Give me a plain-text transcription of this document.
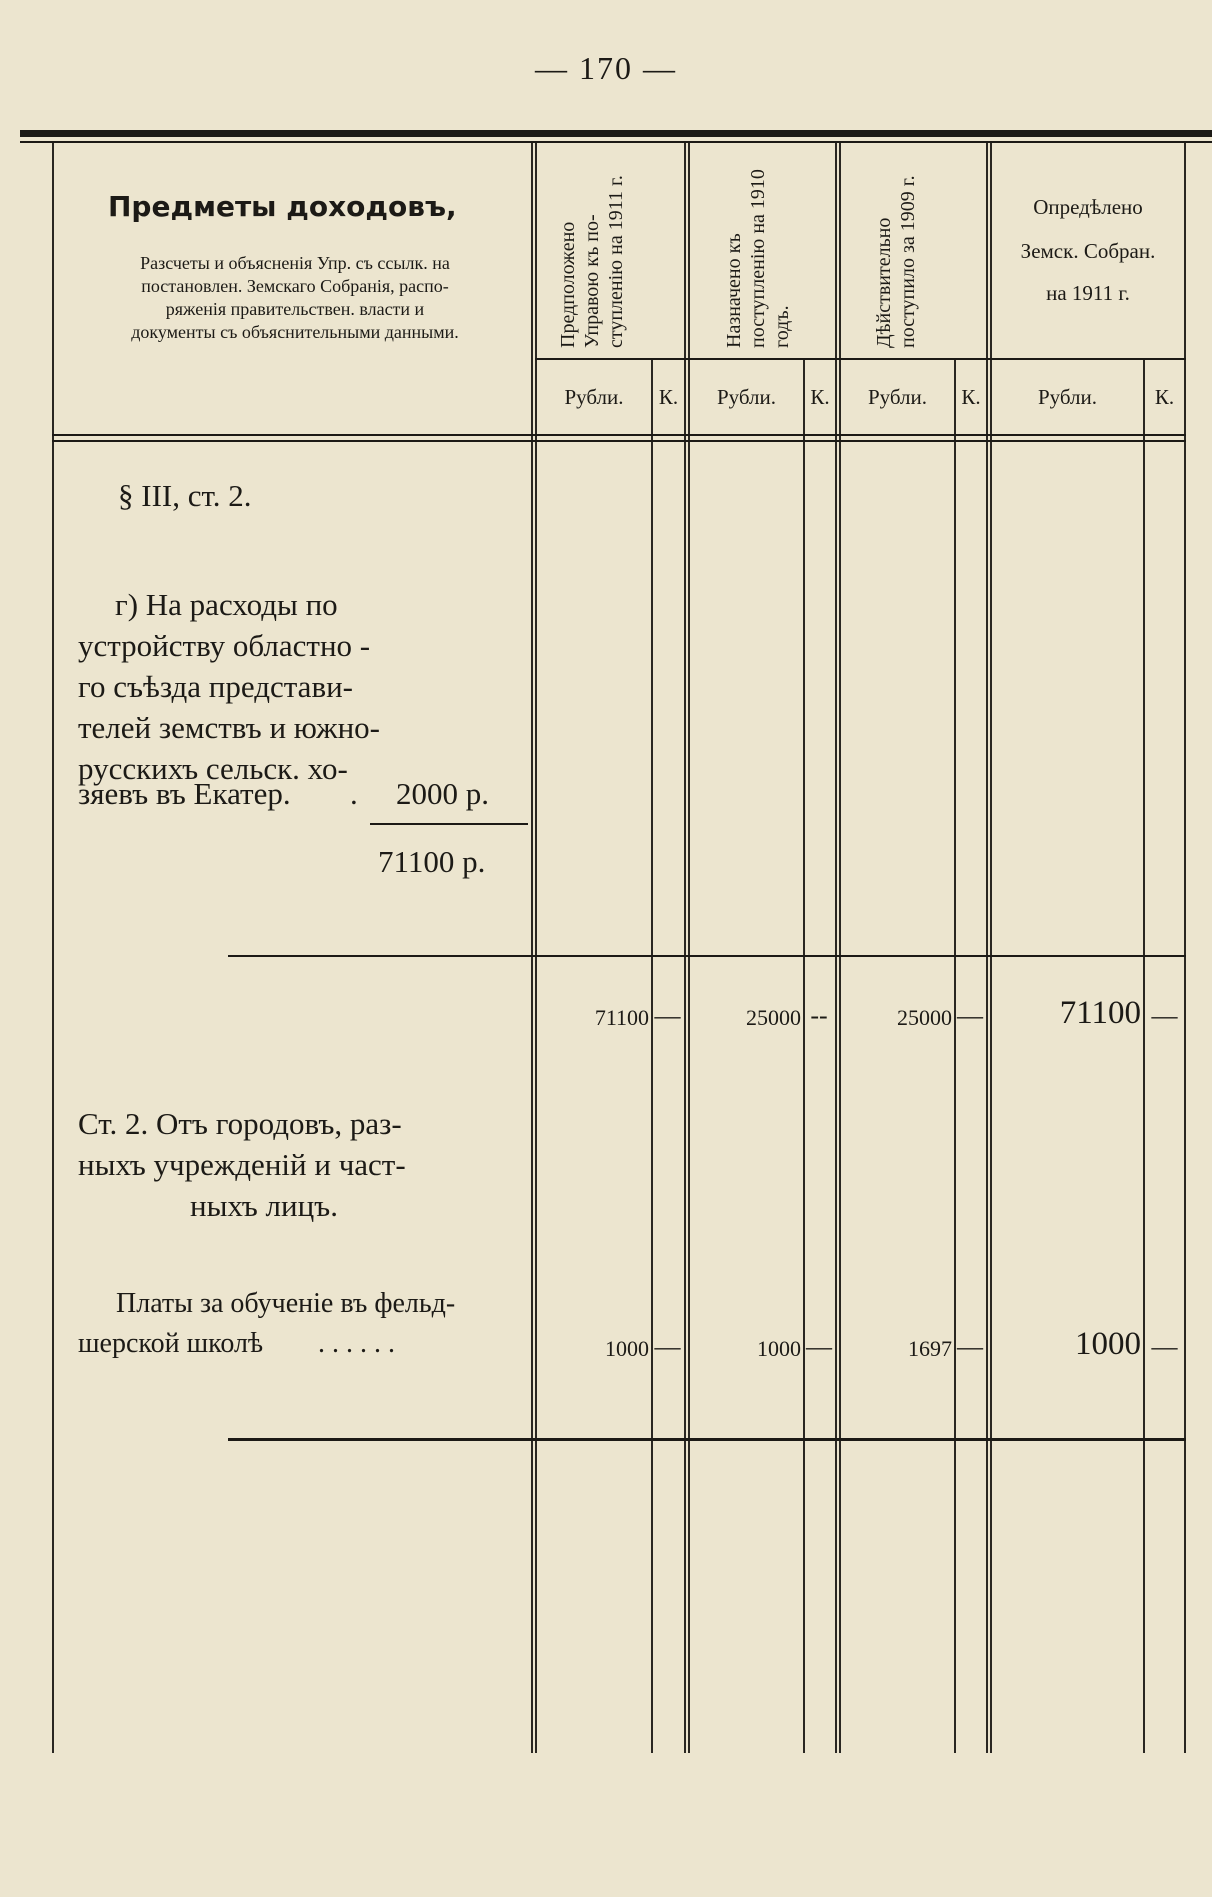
— 170 —
Предметы доходовъ,
Разсчеты и объясненія Упр. съ ссылк. на постановлен. Земскаго Собранія, распо- ряженія правительствен. власти и документы съ объяснительными данными.	Предположено Управою къ по- ступленію на 1911 г.	Назначено къ поступленію на 1910 годъ.	Дѣйствительно поступило за 1909 г.	Опредѣлено
Земск. Собран.
на 1911 г.
Рубли.	К.	Рубли.	К.	Рубли.	К.	Рубли.	К.
§ III, ст. 2.
г) На расходы по
устройству областно -
го съѣзда представи-
телей земствъ и южно-
русскихъ сельск. хо-
зяевъ въ Екатер. . 2000 р.
71100 р.
71100 —	25000 --	25000 —	71100 —
Ст. 2. Отъ городовъ, раз-
ныхъ учрежденій и част-
ныхъ лицъ.
Платы за обученіе въ фельд-
шерской школѣ . . . . . .	1000 —	1000 —	1697 —	1000 —
